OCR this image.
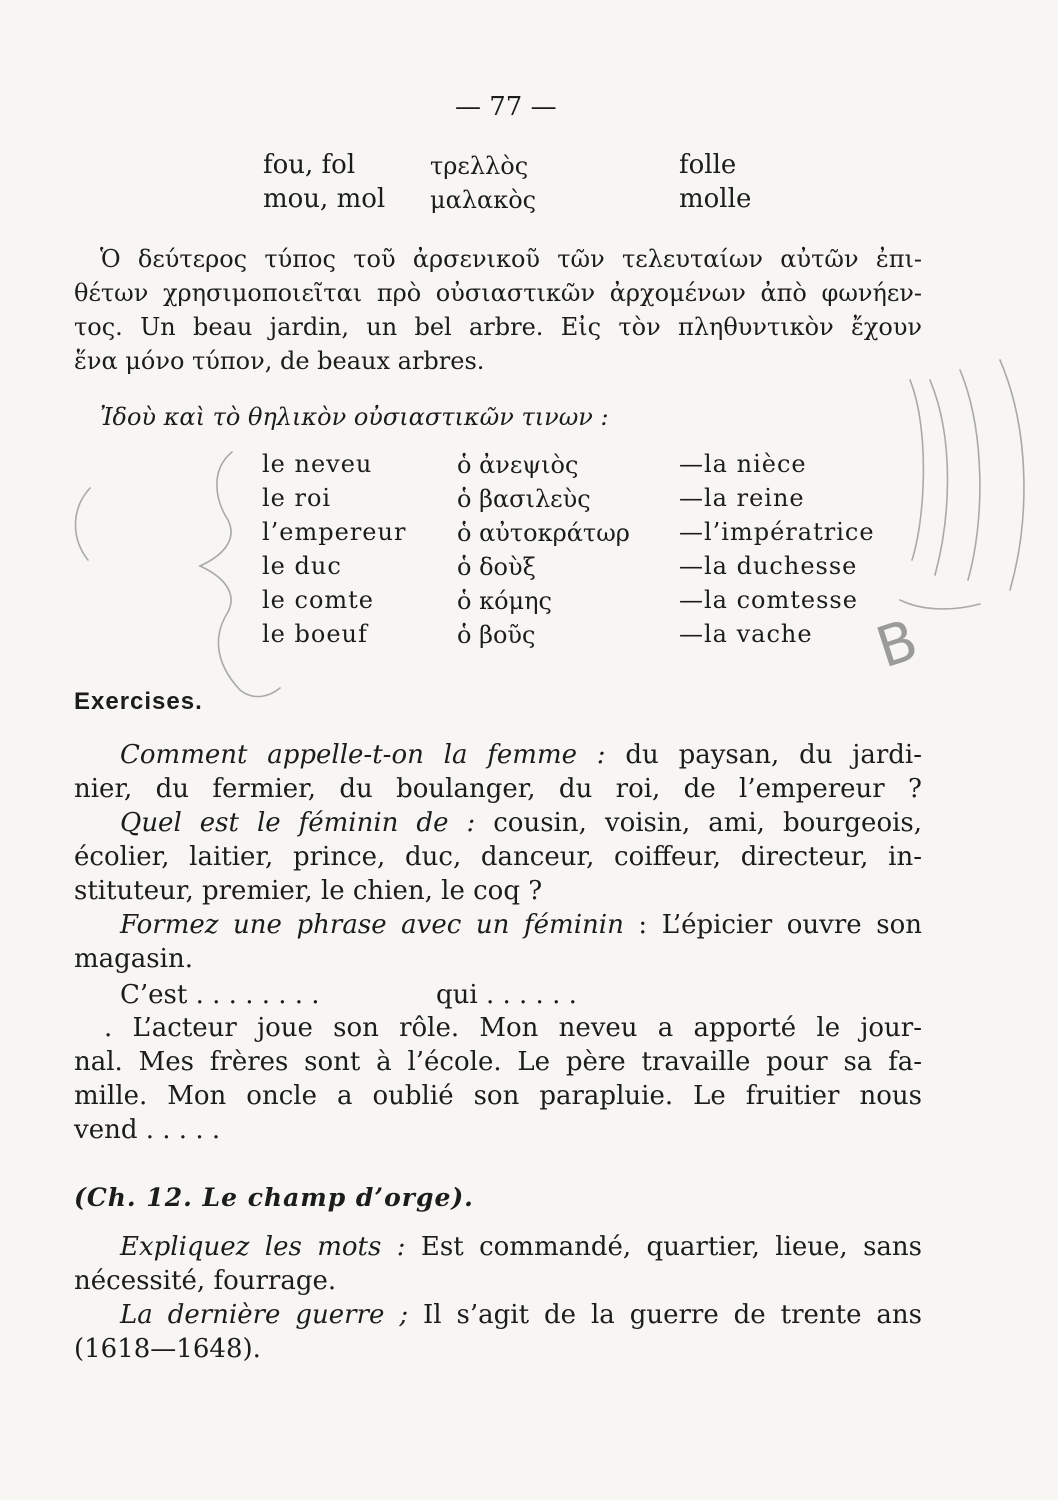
B
— 77 —
fou, fol	τρελλὸς	folle
mou, mol μαλακὸς	molle
Ὁ δεύτερος τύπος τοῦ ἀρσενικοῦ τῶν τελευταίων αὐτῶν ἐπι-
θέτων χρησιμοποιεῖται πρὸ οὐσιαστικῶν ἀρχομένων ἀπὸ φωνήεν-
τος. Un beau jardin, un bel arbre. Εἰς τὸν πληθυντικὸν ἔχουν
ἕνα μόνο τύπον, de beaux arbres.
Ἰδοὺ καὶ τὸ θηλικὸν οὐσιαστικῶν τινων :
le neveu	ὁ ἀνεψιὸς	—la nièce
le roi	ὁ βασιλεὺς	—la reine
l’empereur ὁ αὐτοκράτωρ —l’impératrice
le duc	ὁ δοὺξ	—la duchesse
le comte	ὁ κόμης	—la comtesse
le boeuf	ὁ βοῦς	—la vache
Exercises.
Comment appelle-t-on la femme : du paysan, du jardi-
nier, du fermier, du boulanger, du roi, de l’empereur ?
Quel est le féminin de : cousin, voisin, ami, bourgeois,
écolier, laitier, prince, duc, danceur, coiffeur, directeur, in-
stituteur, premier, le chien, le coq ?
Formez une phrase avec un féminin : L’épicier ouvre son
magasin.
C’est . . . . . . . .	qui . . . . . .
. L’acteur joue son rôle. Mon neveu a apporté le jour-
nal. Mes frères sont à l’école. Le père travaille pour sa fa-
mille. Mon oncle a oublié son parapluie. Le fruitier nous
vend . . . . .
(Ch. 12. Le champ d’orge).
Expliquez les mots : Est commandé, quartier, lieue, sans
nécessité, fourrage.
La dernière guerre ; Il s’agit de la guerre de trente ans
(1618—1648).
